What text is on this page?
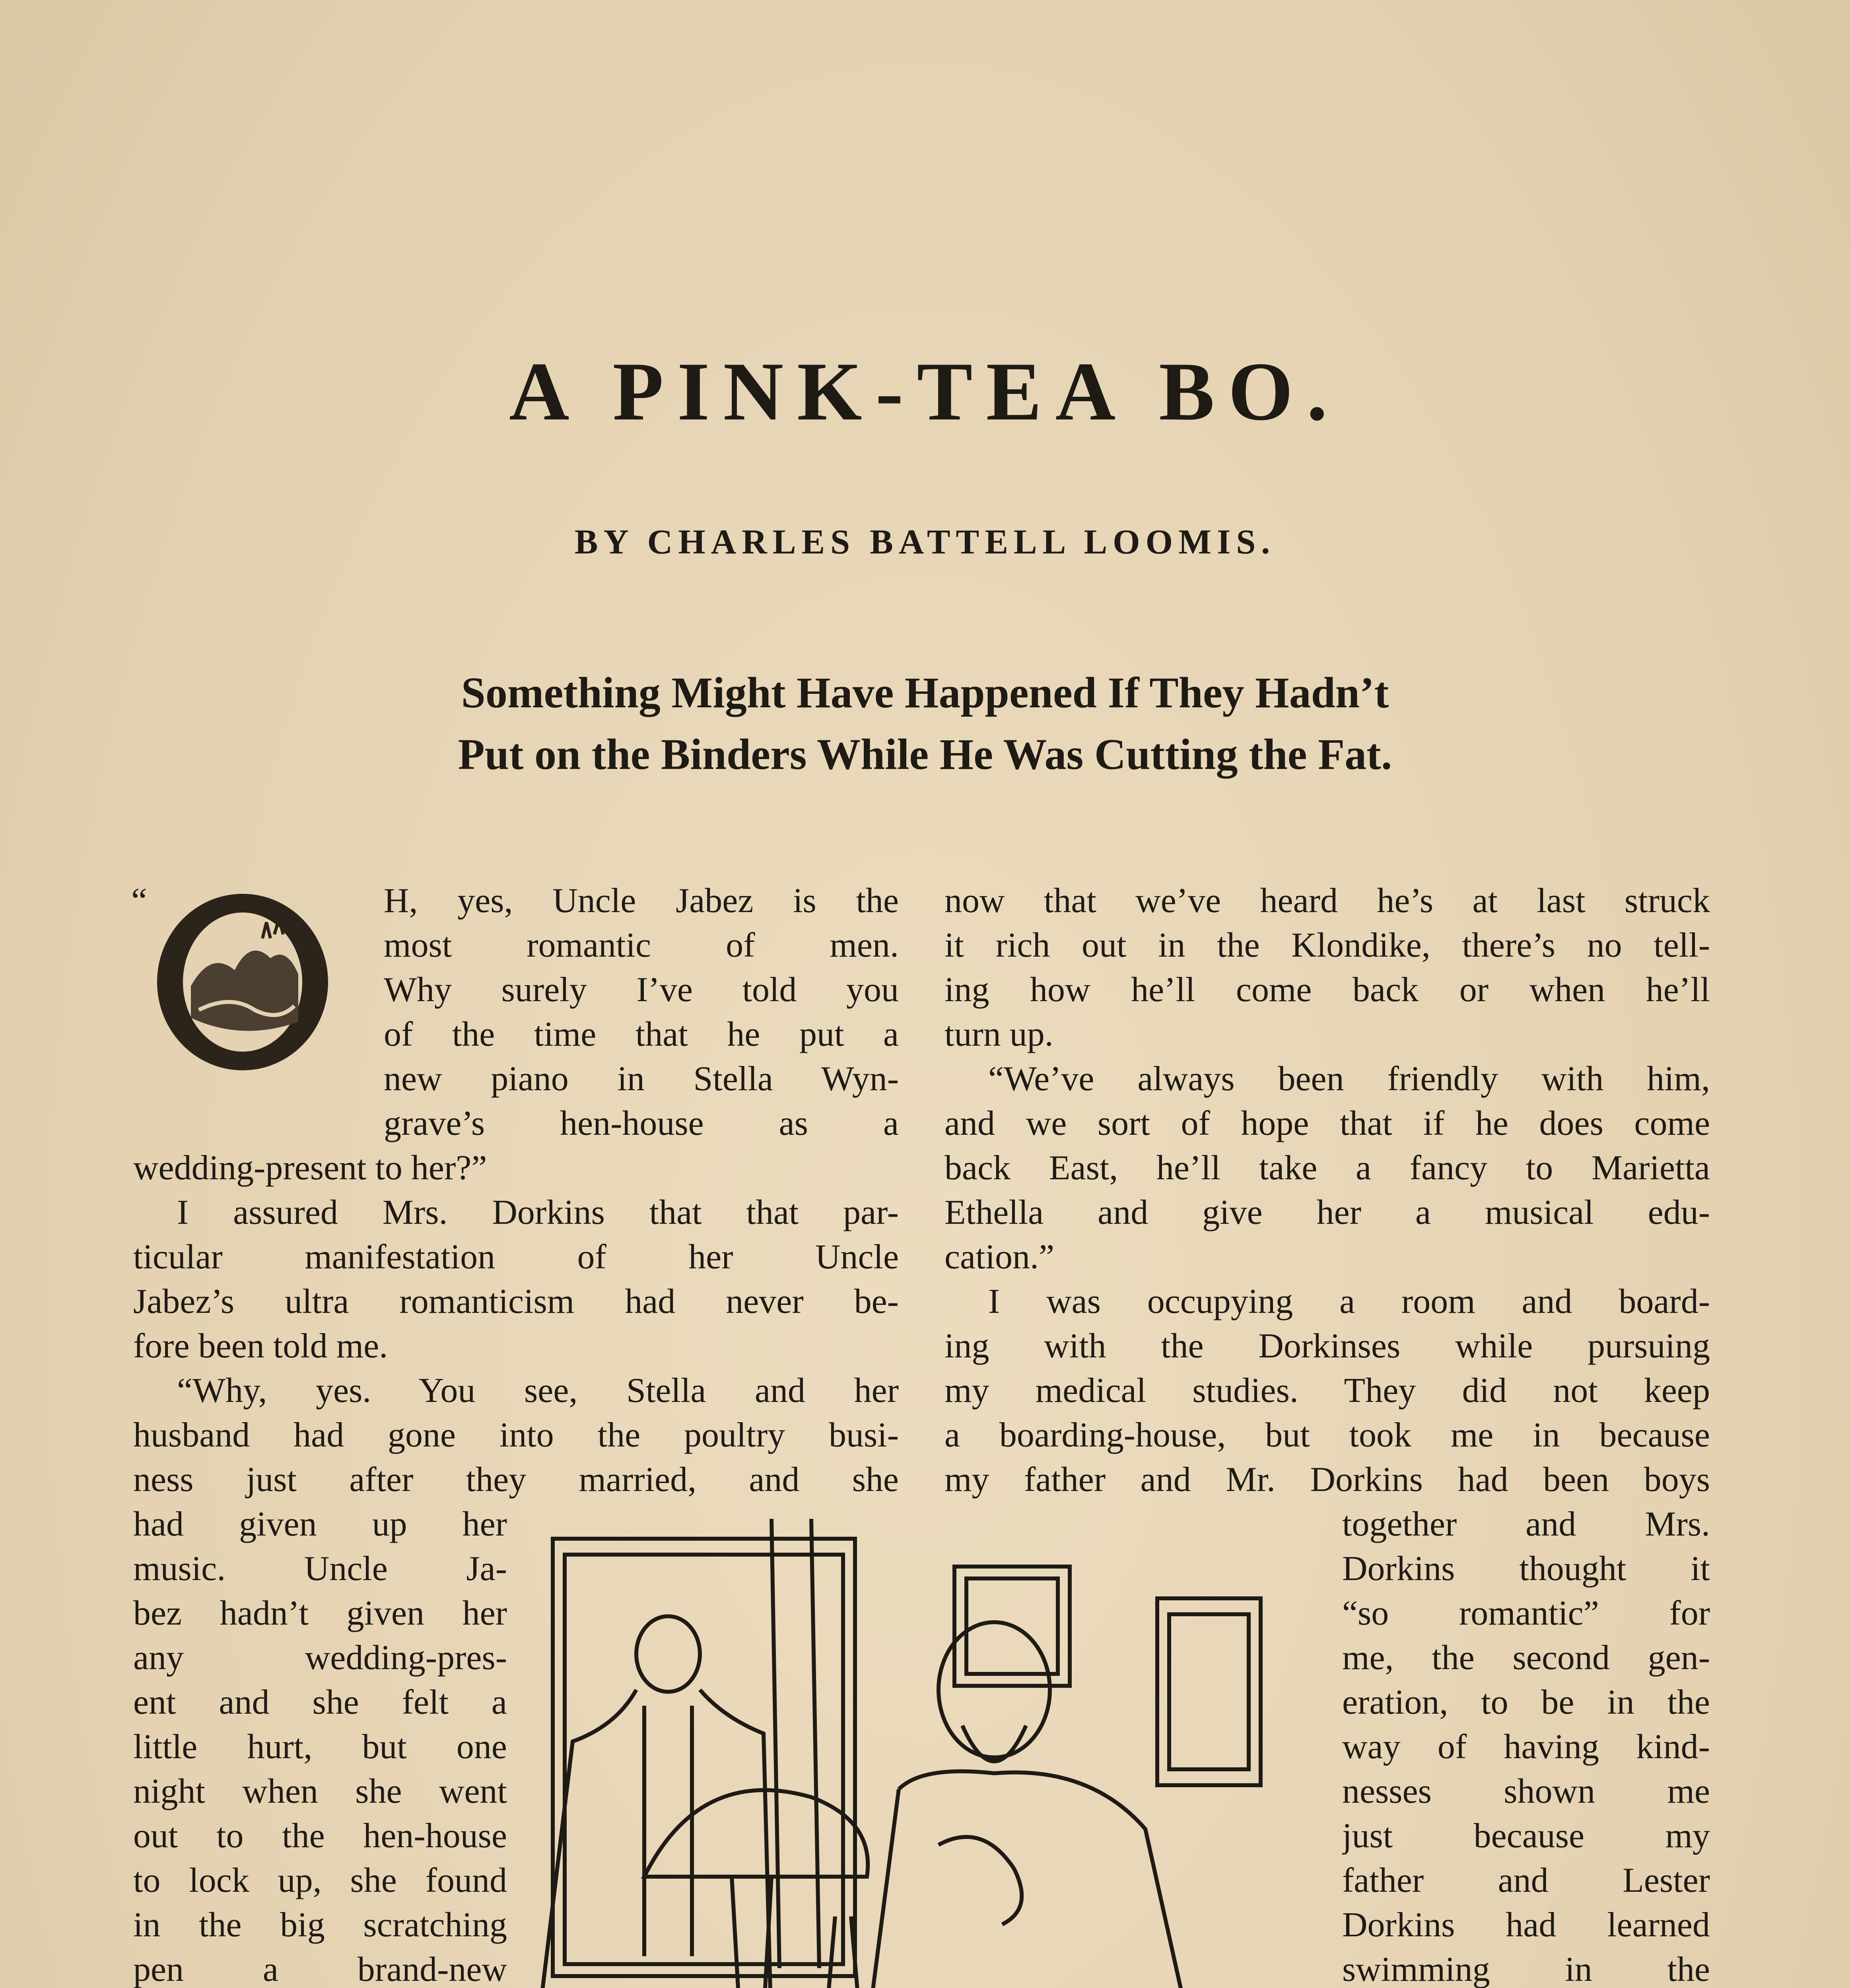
A PINK-TEA BO.
BY CHARLES BATTELL LOOMIS.
Something Might Have Happened If They Hadn’t
Put on the Binders While He Was Cutting the Fat.
“	H, yes, Uncle Jabez is the
most romantic of men.
Why surely I’ve told you
of the time that he put a
new piano in Stella Wyn-
grave’s hen-house as a
wedding-present to her?”
I assured Mrs. Dorkins that that par-
ticular manifestation of her Uncle
Jabez’s ultra romanticism had never be-
fore been told me.
“Why, yes. You see, Stella and her
husband had gone into the poultry busi-
ness just after they married, and she
had given up her
music. Uncle Ja-
bez hadn’t given her
any wedding-pres-
ent and she felt a
little hurt, but one
night when she went
out to the hen-house
to lock up, she found
in the big scratching
pen a brand-new
now that we’ve heard he’s at last struck
it rich out in the Klondike, there’s no tell-
ing how he’ll come back or when he’ll
turn up.
“We’ve always been friendly with him,
and we sort of hope that if he does come
back East, he’ll take a fancy to Marietta
Ethella and give her a musical edu-
cation.”
I was occupying a room and board-
ing with the Dorkinses while pursuing
my medical studies. They did not keep
a boarding-house, but took me in because
my father and Mr. Dorkins had been boys
together and Mrs.
Dorkins thought it
“so romantic” for
me, the second gen-
eration, to be in the
way of having kind-
nesses shown me
just because my
father and Lester
Dorkins had learned
swimming in the
